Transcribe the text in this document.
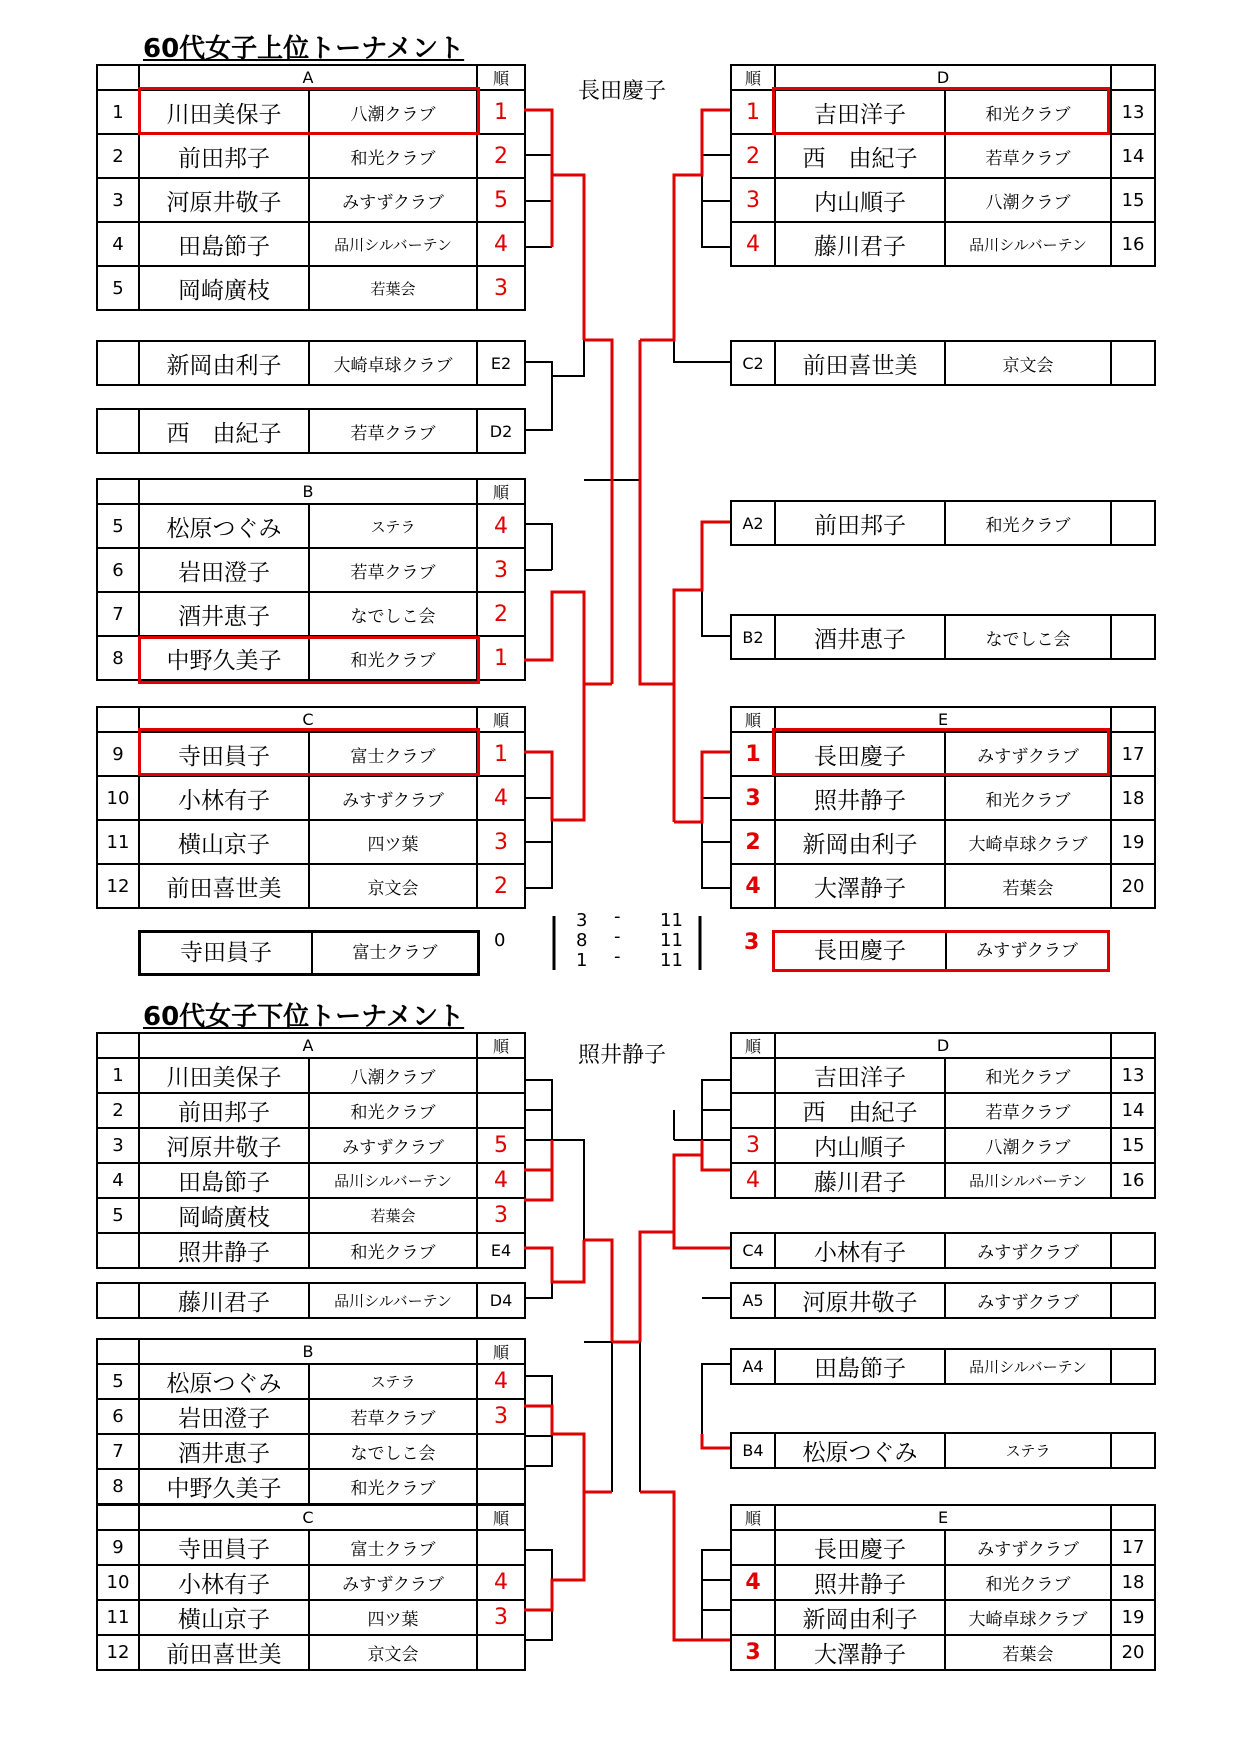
60代女子上位トーナメント
長田慶子
	A		順
1	川田美保子	八潮クラブ	1
2	前田邦子	和光クラブ	2
3	河原井敬子	みすずクラブ	5
4	田島節子	品川シルバーテン	4
5	岡崎廣枝	若葉会	3
	新岡由利子	大崎卓球クラブ	E2
	西　由紀子	若草クラブ	D2
	B		順
5	松原つぐみ	ステラ	4
6	岩田澄子	若草クラブ	3
7	酒井恵子	なでしこ会	2
8	中野久美子	和光クラブ	1
	C		順
9	寺田員子	富士クラブ	1
10	小林有子	みすずクラブ	4
11	横山京子	四ツ葉	3
12	前田喜世美	京文会	2
順	D		
1	吉田洋子	和光クラブ	13
2	西　由紀子	若草クラブ	14
3	内山順子	八潮クラブ	15
4	藤川君子	品川シルバーテン	16
C2	前田喜世美	京文会	
A2	前田邦子	和光クラブ	
B2	酒井恵子	なでしこ会	
順	E		
1	長田慶子	みすずクラブ	17
3	照井静子	和光クラブ	18
2	新岡由利子	大崎卓球クラブ	19
4	大澤静子	若葉会	20
寺田員子	富士クラブ
0	長田慶子	みすずクラブ
3
3 - 11
8 - 11
1 - 11
60代女子下位トーナメント
照井静子
	A		順
1	川田美保子	八潮クラブ	
2	前田邦子	和光クラブ	
3	河原井敬子	みすずクラブ	5
4	田島節子	品川シルバーテン	4
5	岡崎廣枝	若葉会	3
	照井静子	和光クラブ	E4
	藤川君子	品川シルバーテン	D4
	B		順
5	松原つぐみ	ステラ	4
6	岩田澄子	若草クラブ	3
7	酒井恵子	なでしこ会	
8	中野久美子	和光クラブ	
	C		順
9	寺田員子	富士クラブ	
10	小林有子	みすずクラブ	4
11	横山京子	四ツ葉	3
12	前田喜世美	京文会	
順	D		
	吉田洋子	和光クラブ	13
	西　由紀子	若草クラブ	14
3	内山順子	八潮クラブ	15
4	藤川君子	品川シルバーテン	16
C4	小林有子	みすずクラブ	
A5	河原井敬子	みすずクラブ	
A4	田島節子	品川シルバーテン	
B4	松原つぐみ	ステラ	
順	E		
	長田慶子	みすずクラブ	17
4	照井静子	和光クラブ	18
	新岡由利子	大崎卓球クラブ	19
3	大澤静子	若葉会	20
